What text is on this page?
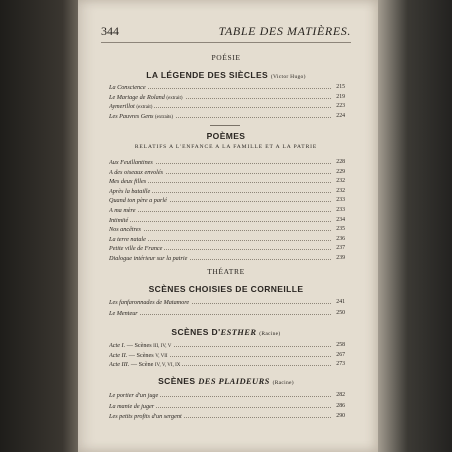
344	TABLE DES MATIÈRES.
POÉSIE
LA LÉGENDE DES SIÈCLES (Victor Hugo)
La Conscience	215
Le Mariage de Roland (extrait)	219
Aymerillot (extrait)	223
Les Pauvres Gens (extraits)	224
POÈMES
RELATIFS A L'ENFANCE A LA FAMILLE ET A LA PATRIE
Aux Feuillantines	228
A des oiseaux envolés	229
Mes deux filles	232
Après la bataille	232
Quand ton père a parlé	233
A ma mère	233
Intimité	234
Nos ancêtres	235
La terre natale	236
Petite ville de France	237
Dialogue intérieur sur la patrie	239
THÉATRE
SCÈNES CHOISIES DE CORNEILLE
Les fanfaronnades de Matamore	241
Le Menteur	250
SCÈNES D'ESTHER (Racine)
Acte I. — Scènes III, IV, V	258
Acte II. — Scènes V, VII	267
Acte III. — Scène IV, V, VI, IX	273
SCÈNES DES PLAIDEURS (Racine)
Le portier d'un juge	282
La manie de juger	286
Les petits profits d'un sergent	290
